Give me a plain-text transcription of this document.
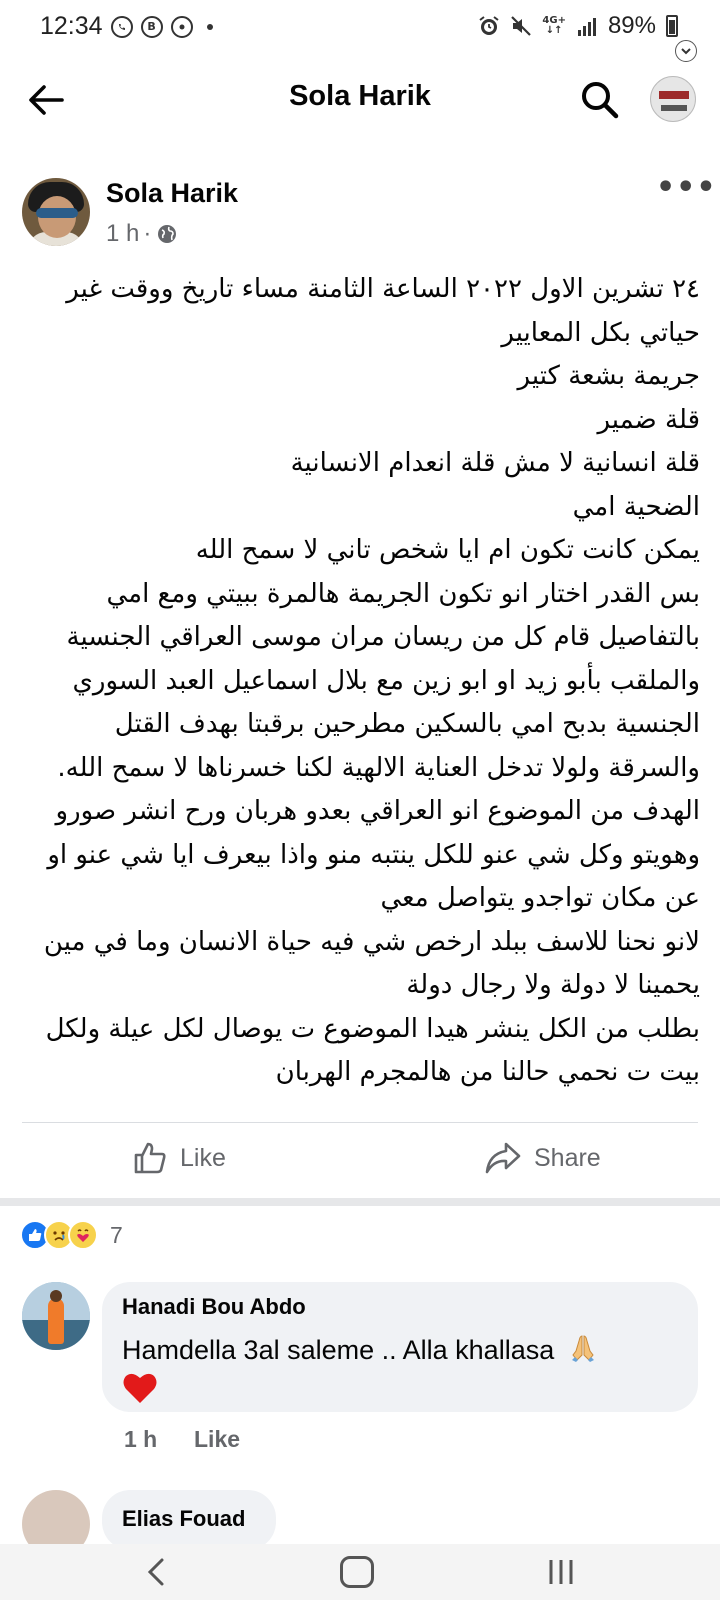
12:34	B	4G+
↓↑ 89%
Sola Harik
Sola Harik
1 h ·
•••

٢٤ تشرين الاول ٢٠٢٢ الساعة الثامنة مساء تاريخ ووقت غير

حياتي بكل المعايير

جريمة بشعة كتير

قلة ضمير

قلة انسانية لا مش قلة انعدام الانسانية

الضحية امي

يمكن كانت تكون ام ايا شخص تاني لا سمح الله

بس القدر اختار انو تكون الجريمة هالمرة ببيتي ومع امي

بالتفاصيل قام كل من ريسان مران موسى العراقي الجنسية

والملقب بأبو زيد او ابو زين مع بلال اسماعيل العبد السوري

الجنسية بدبح امي بالسكين مطرحين برقبتا بهدف القتل

والسرقة ولولا تدخل العناية الالهية لكنا خسرناها لا سمح الله.

الهدف من الموضوع انو العراقي بعدو هربان ورح انشر صورو

وهويتو وكل شي عنو للكل ينتبه منو واذا بيعرف ايا شي عنو او

عن مكان تواجدو يتواصل معي

لانو نحنا للاسف ببلد ارخص شي فيه حياة الانسان وما في مين

يحمينا لا دولة ولا رجال دولة

بطلب من الكل ينشر هيدا الموضوع ت يوصال لكل عيلة ولكل

بيت ت نحمي حالنا من هالمجرم الهربان

Like	Share
7
Hanadi Bou Abdo
Hamdella 3al saleme .. Alla khallasa

1 h Like
Elias Fouad
